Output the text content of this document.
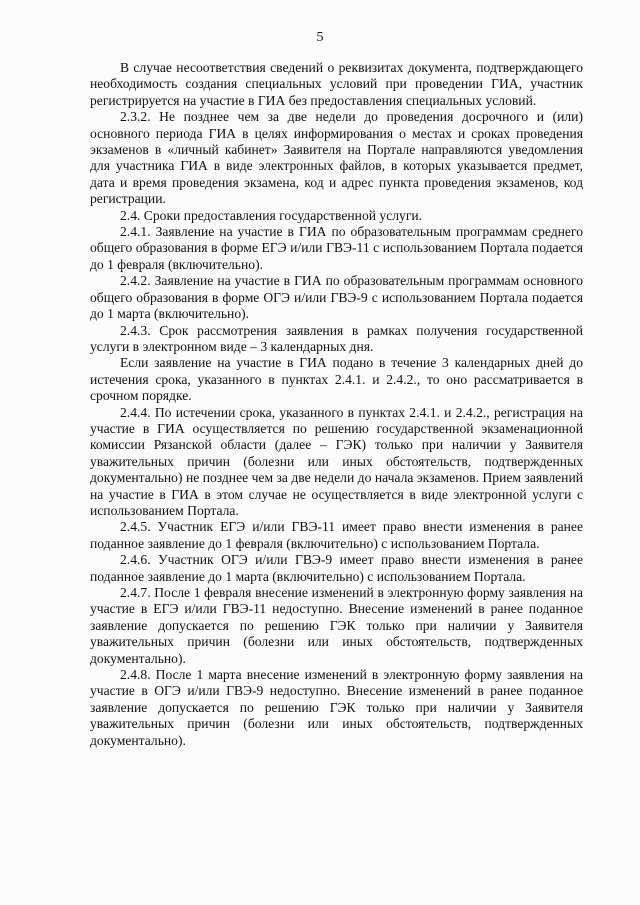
5

В случае несоответствия сведений о реквизитах документа, подтверждающего необходимость создания специальных условий при проведении ГИА, участник регистрируется на участие в ГИА без предоставления специальных условий.

2.3.2. Не позднее чем за две недели до проведения досрочного и (или) основного периода ГИА в целях информирования о местах и сроках проведения экзаменов в «личный кабинет» Заявителя на Портале направляются уведомления для участника ГИА в виде электронных файлов, в которых указывается предмет, дата и время проведения экзамена, код и адрес пункта проведения экзаменов, код регистрации.

2.4. Сроки предоставления государственной услуги.

2.4.1. Заявление на участие в ГИА по образовательным программам среднего общего образования в форме ЕГЭ и/или ГВЭ-11 с использованием Портала подается до 1 февраля (включительно).

2.4.2. Заявление на участие в ГИА по образовательным программам основного общего образования в форме ОГЭ и/или ГВЭ-9 с использованием Портала подается до 1 марта (включительно).

2.4.3. Срок рассмотрения заявления в рамках получения государственной услуги в электронном виде – 3 календарных дня.

Если заявление на участие в ГИА подано в течение 3 календарных дней до истечения срока, указанного в пунктах 2.4.1. и 2.4.2., то оно рассматривается в срочном порядке.

2.4.4. По истечении срока, указанного в пунктах 2.4.1. и 2.4.2., регистрация на участие в ГИА осуществляется по решению государственной экзаменационной комиссии Рязанской области (далее – ГЭК) только при наличии у Заявителя уважительных причин (болезни или иных обстоятельств, подтвержденных документально) не позднее чем за две недели до начала экзаменов. Прием заявлений на участие в ГИА в этом случае не осуществляется в виде электронной услуги с использованием Портала.

2.4.5. Участник ЕГЭ и/или ГВЭ-11 имеет право внести изменения в ранее поданное заявление до 1 февраля (включительно) с использованием Портала.

2.4.6. Участник ОГЭ и/или ГВЭ-9 имеет право внести изменения в ранее поданное заявление до 1 марта (включительно) с использованием Портала.

2.4.7. После 1 февраля внесение изменений в электронную форму заявления на участие в ЕГЭ и/или ГВЭ-11 недоступно. Внесение изменений в ранее поданное заявление допускается по решению ГЭК только при наличии у Заявителя уважительных причин (болезни или иных обстоятельств, подтвержденных документально).

2.4.8. После 1 марта внесение изменений в электронную форму заявления на участие в ОГЭ и/или ГВЭ-9 недоступно. Внесение изменений в ранее поданное заявление допускается по решению ГЭК только при наличии у Заявителя уважительных причин (болезни или иных обстоятельств, подтвержденных документально).
